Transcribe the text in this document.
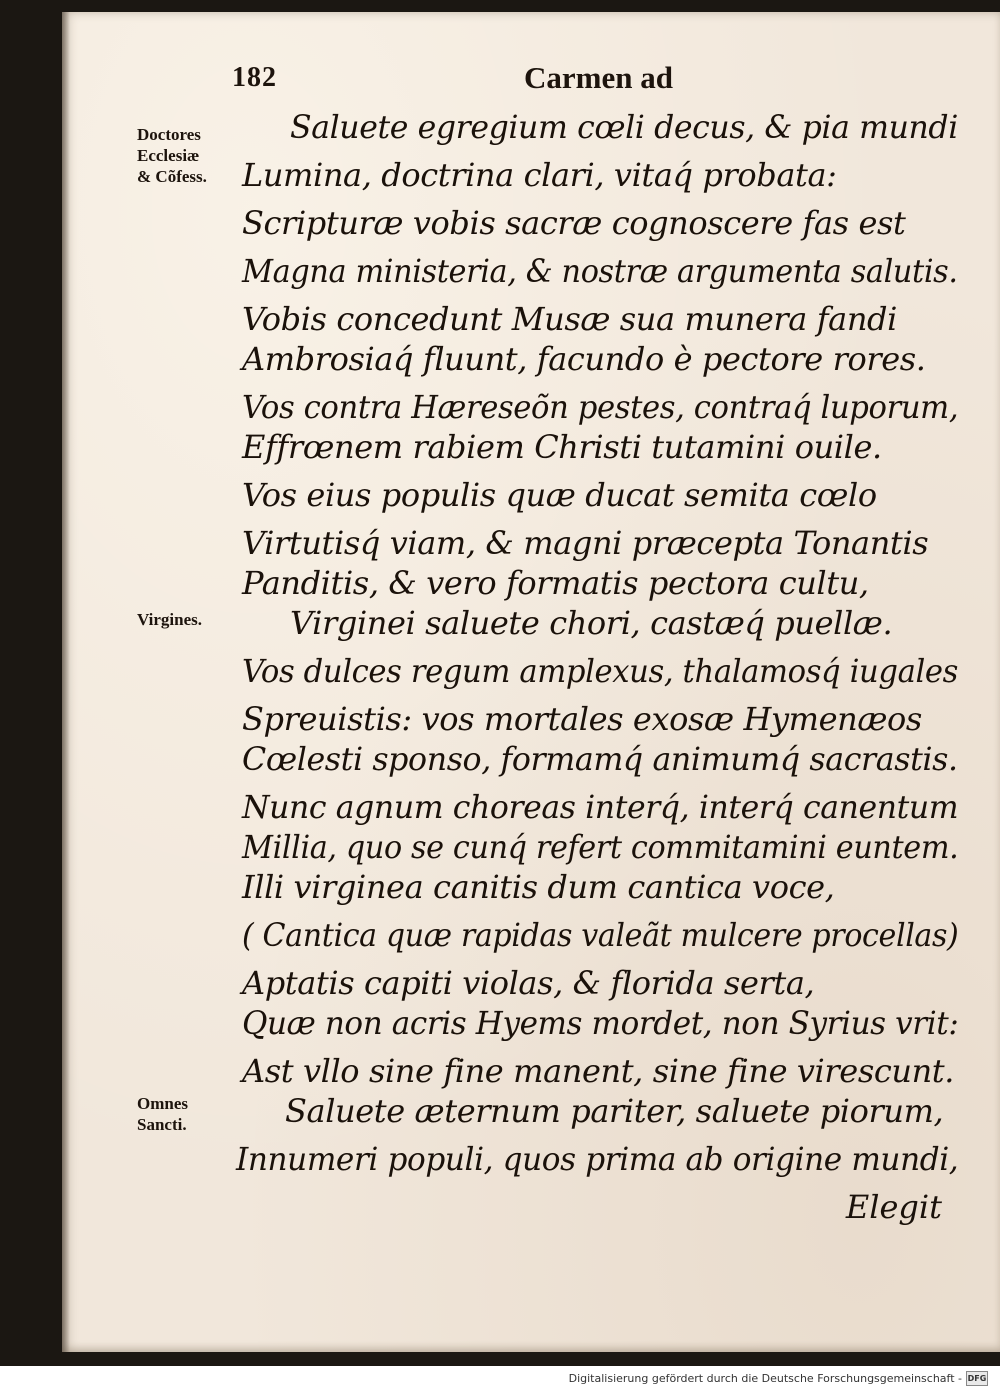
182	Carmen ad
Doctores
Ecclesiæ
& Cõfess.
Virgines.
Omnes
Sancti.
Saluete egregium cœli decus, & pia mundi
Lumina, doctrina clari, vitaq́ probata:
Scripturæ vobis sacræ cognoscere fas est
Magna ministeria, & nostræ argumenta salutis.
Vobis concedunt Musæ sua munera fandi
Ambrosiaq́ fluunt, facundo è pectore rores.
Vos contra Hæreseõn pestes, contraq́ luporum,
Effrœnem rabiem Christi tutamini ouile.
Vos eius populis quæ ducat semita cœlo
Virtutisq́ viam, & magni præcepta Tonantis
Panditis, & vero formatis pectora cultu,
Virginei saluete chori, castæq́ puellæ.
Vos dulces regum amplexus, thalamosq́ iugales
Spreuistis: vos mortales exosæ Hymenæos
Cœlesti sponso, formamq́ animumq́ sacrastis.
Nunc agnum choreas interq́, interq́ canentum
Millia, quo se cunq́ refert commitamini euntem.
Illi virginea canitis dum cantica voce,
( Cantica quæ rapidas valeãt mulcere procellas)
Aptatis capiti violas, & florida serta,
Quæ non acris Hyems mordet, non Syrius vrit:
Ast vllo sine fine manent, sine fine virescunt.
Saluete æternum pariter, saluete piorum,
Innumeri populi, quos prima ab origine mundi,
Elegit
Digitalisierung gefördert durch die Deutsche Forschungsgemeinschaft - DFG
